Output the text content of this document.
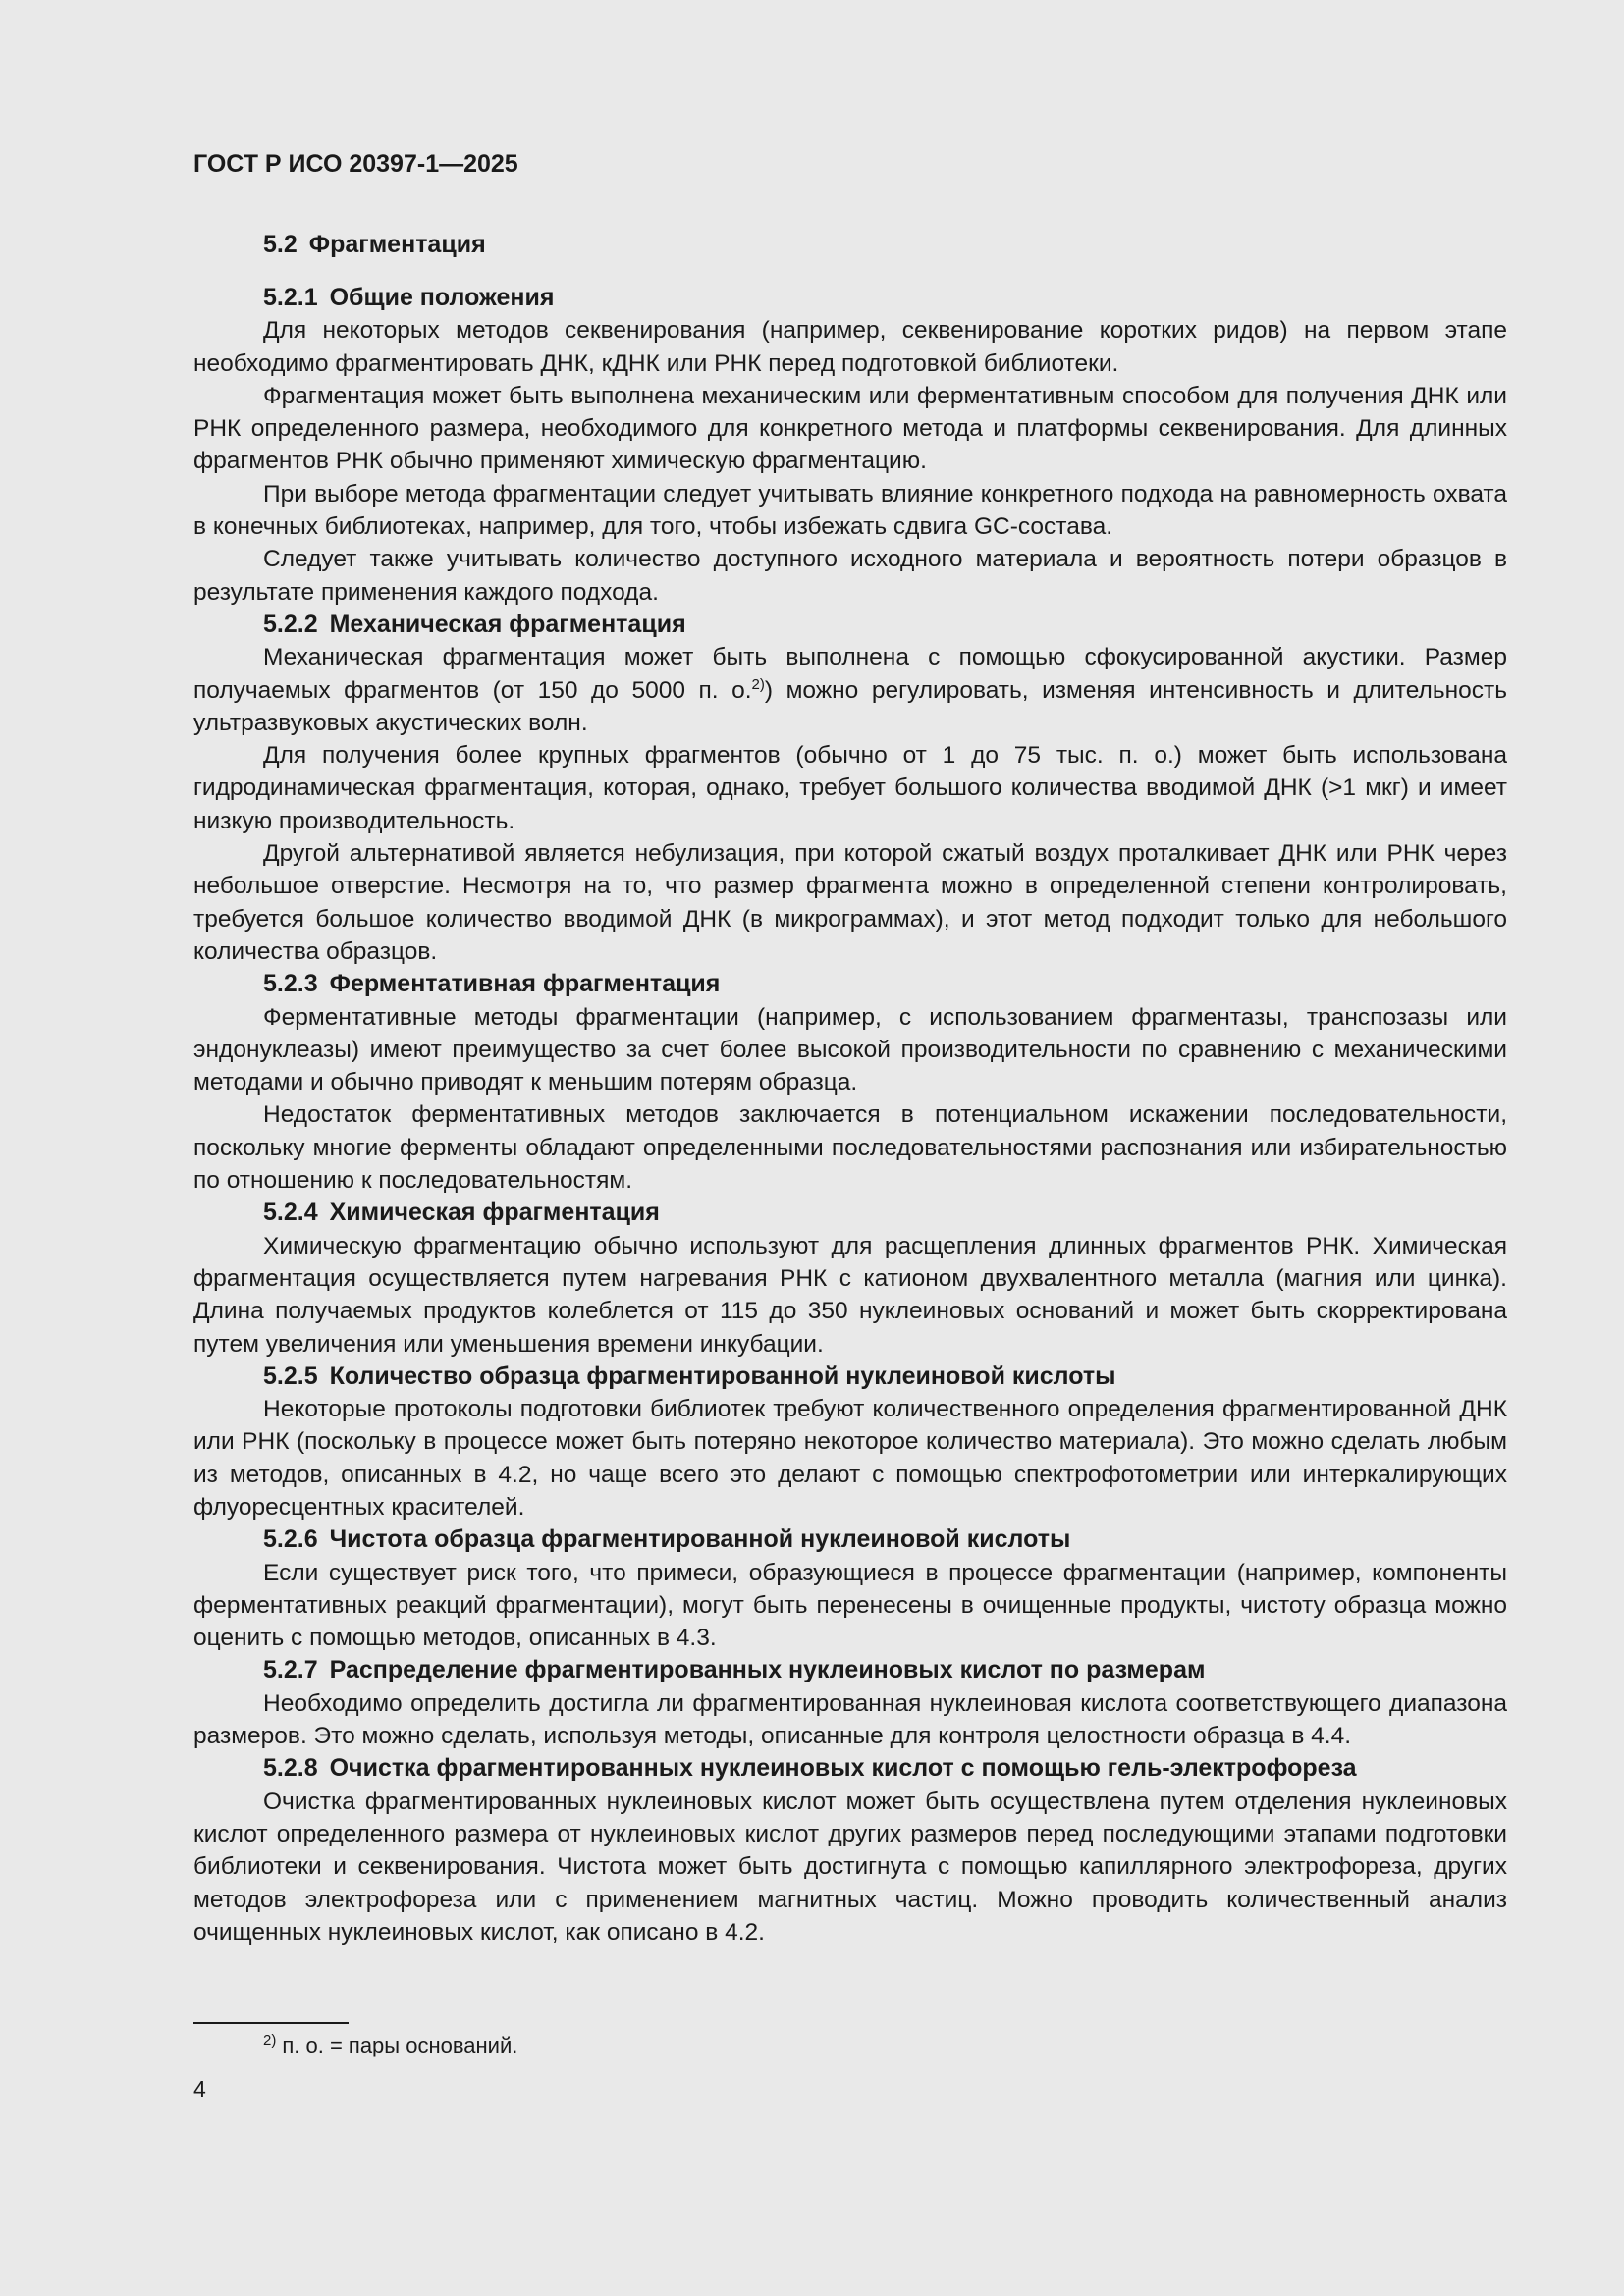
ГОСТ Р ИСО 20397-1—2025
5.2 Фрагментация
5.2.1 Общие положения

Для некоторых методов секвенирования (например, секвенирование коротких ридов) на первом этапе необходимо фрагментировать ДНК, кДНК или РНК перед подготовкой библиотеки.

Фрагментация может быть выполнена механическим или ферментативным способом для получения ДНК или РНК определенного размера, необходимого для конкретного метода и платформы секвенирования. Для длинных фрагментов РНК обычно применяют химическую фрагментацию.

При выборе метода фрагментации следует учитывать влияние конкретного подхода на равномерность охвата в конечных библиотеках, например, для того, чтобы избежать сдвига GC-состава.

Следует также учитывать количество доступного исходного материала и вероятность потери образцов в результате применения каждого подхода.

5.2.2 Механическая фрагментация

Механическая фрагментация может быть выполнена с помощью сфокусированной акустики. Размер получаемых фрагментов (от 150 до 5000 п. о.$^{2)}$) можно регулировать, изменяя интенсивность и длительность ультразвуковых акустических волн.

Для получения более крупных фрагментов (обычно от 1 до 75 тыс. п. о.) может быть использована гидродинамическая фрагментация, которая, однако, требует большого количества вводимой ДНК (>1 мкг) и имеет низкую производительность.

Другой альтернативой является небулизация, при которой сжатый воздух проталкивает ДНК или РНК через небольшое отверстие. Несмотря на то, что размер фрагмента можно в определенной степени контролировать, требуется большое количество вводимой ДНК (в микрограммах), и этот метод подходит только для небольшого количества образцов.

5.2.3 Ферментативная фрагментация

Ферментативные методы фрагментации (например, с использованием фрагментазы, транспозазы или эндонуклеазы) имеют преимущество за счет более высокой производительности по сравнению с механическими методами и обычно приводят к меньшим потерям образца.

Недостаток ферментативных методов заключается в потенциальном искажении последовательности, поскольку многие ферменты обладают определенными последовательностями распознания или избирательностью по отношению к последовательностям.

5.2.4 Химическая фрагментация

Химическую фрагментацию обычно используют для расщепления длинных фрагментов РНК. Химическая фрагментация осуществляется путем нагревания РНК с катионом двухвалентного металла (магния или цинка). Длина получаемых продуктов колеблется от 115 до 350 нуклеиновых оснований и может быть скорректирована путем увеличения или уменьшения времени инкубации.

5.2.5 Количество образца фрагментированной нуклеиновой кислоты

Некоторые протоколы подготовки библиотек требуют количественного определения фрагментированной ДНК или РНК (поскольку в процессе может быть потеряно некоторое количество материала). Это можно сделать любым из методов, описанных в 4.2, но чаще всего это делают с помощью спектрофотометрии или интеркалирующих флуоресцентных красителей.

5.2.6 Чистота образца фрагментированной нуклеиновой кислоты

Если существует риск того, что примеси, образующиеся в процессе фрагментации (например, компоненты ферментативных реакций фрагментации), могут быть перенесены в очищенные продукты, чистоту образца можно оценить с помощью методов, описанных в 4.3.

5.2.7 Распределение фрагментированных нуклеиновых кислот по размерам

Необходимо определить достигла ли фрагментированная нуклеиновая кислота соответствующего диапазона размеров. Это можно сделать, используя методы, описанные для контроля целостности образца в 4.4.

5.2.8 Очистка фрагментированных нуклеиновых кислот с помощью гель-электрофореза

Очистка фрагментированных нуклеиновых кислот может быть осуществлена путем отделения нуклеиновых кислот определенного размера от нуклеиновых кислот других размеров перед последующими этапами подготовки библиотеки и секвенирования. Чистота может быть достигнута с помощью капиллярного электрофореза, других методов электрофореза или с применением магнитных частиц. Можно проводить количественный анализ очищенных нуклеиновых кислот, как описано в 4.2.

$^{2)}$ п. о. = пары оснований.
4
